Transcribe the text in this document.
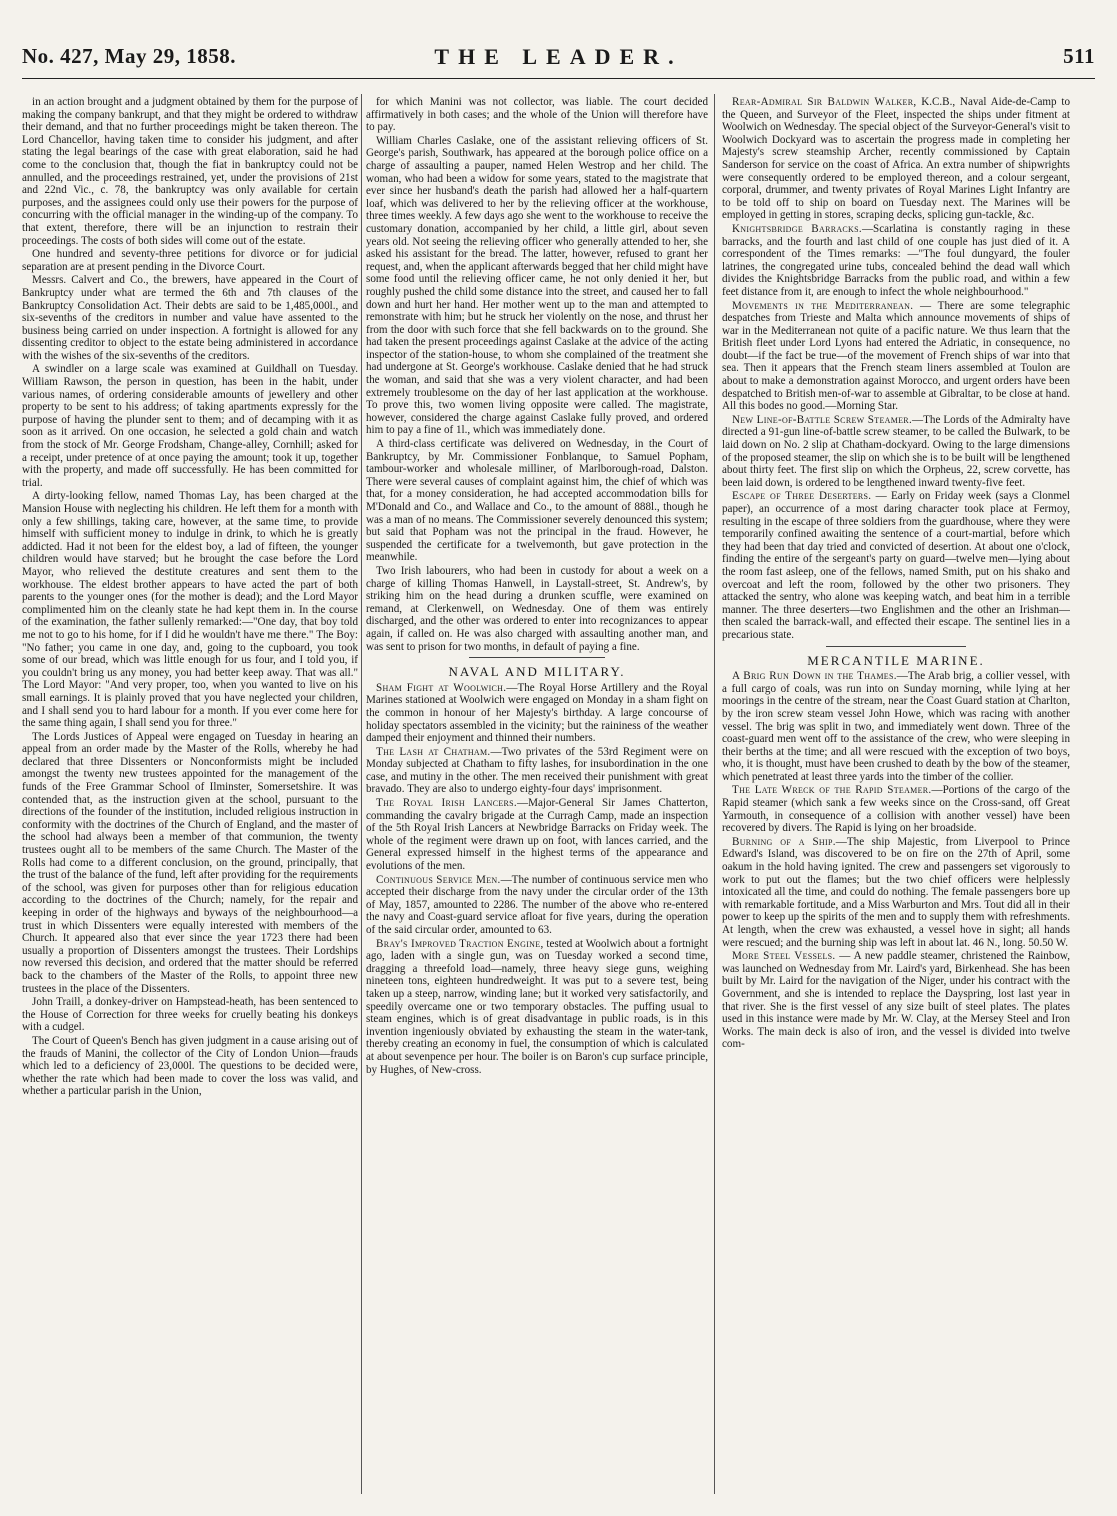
No. 427, May 29, 1858.	THE LEADER.	511

in an action brought and a judgment obtained by them for the purpose of making the company bankrupt, and that they might be ordered to withdraw their demand, and that no further proceedings might be taken thereon. The Lord Chancellor, having taken time to consider his judgment, and after stating the legal bearings of the case with great elaboration, said he had come to the conclusion that, though the fiat in bankruptcy could not be annulled, and the proceedings restrained, yet, under the provisions of 21st and 22nd Vic., c. 78, the bankruptcy was only available for certain purposes, and the assignees could only use their powers for the purpose of concurring with the official manager in the winding-up of the company. To that extent, therefore, there will be an injunction to restrain their proceedings. The costs of both sides will come out of the estate.

One hundred and seventy-three petitions for divorce or for judicial separation are at present pending in the Divorce Court.

Messrs. Calvert and Co., the brewers, have appeared in the Court of Bankruptcy under what are termed the 6th and 7th clauses of the Bankruptcy Consolidation Act. Their debts are said to be 1,485,000l., and six-sevenths of the creditors in number and value have assented to the business being carried on under inspection. A fortnight is allowed for any dissenting creditor to object to the estate being administered in accordance with the wishes of the six-sevenths of the creditors.

A swindler on a large scale was examined at Guildhall on Tuesday. William Rawson, the person in question, has been in the habit, under various names, of ordering considerable amounts of jewellery and other property to be sent to his address; of taking apartments expressly for the purpose of having the plunder sent to them; and of decamping with it as soon as it arrived. On one occasion, he selected a gold chain and watch from the stock of Mr. George Frodsham, Change-alley, Cornhill; asked for a receipt, under pretence of at once paying the amount; took it up, together with the property, and made off successfully. He has been committed for trial.

A dirty-looking fellow, named Thomas Lay, has been charged at the Mansion House with neglecting his children. He left them for a month with only a few shillings, taking care, however, at the same time, to provide himself with sufficient money to indulge in drink, to which he is greatly addicted. Had it not been for the eldest boy, a lad of fifteen, the younger children would have starved; but he brought the case before the Lord Mayor, who relieved the destitute creatures and sent them to the workhouse. The eldest brother appears to have acted the part of both parents to the younger ones (for the mother is dead); and the Lord Mayor complimented him on the cleanly state he had kept them in. In the course of the examination, the father sullenly remarked:—"One day, that boy told me not to go to his home, for if I did he wouldn't have me there." The Boy: "No father; you came in one day, and, going to the cupboard, you took some of our bread, which was little enough for us four, and I told you, if you couldn't bring us any money, you had better keep away. That was all." The Lord Mayor: "And very proper, too, when you wanted to live on his small earnings. It is plainly proved that you have neglected your children, and I shall send you to hard labour for a month. If you ever come here for the same thing again, I shall send you for three."

The Lords Justices of Appeal were engaged on Tuesday in hearing an appeal from an order made by the Master of the Rolls, whereby he had declared that three Dissenters or Nonconformists might be included amongst the twenty new trustees appointed for the management of the funds of the Free Grammar School of Ilminster, Somersetshire. It was contended that, as the instruction given at the school, pursuant to the directions of the founder of the institution, included religious instruction in conformity with the doctrines of the Church of England, and the master of the school had always been a member of that communion, the twenty trustees ought all to be members of the same Church. The Master of the Rolls had come to a different conclusion, on the ground, principally, that the trust of the balance of the fund, left after providing for the requirements of the school, was given for purposes other than for religious education according to the doctrines of the Church; namely, for the repair and keeping in order of the highways and byways of the neighbourhood—a trust in which Dissenters were equally interested with members of the Church. It appeared also that ever since the year 1723 there had been usually a proportion of Dissenters amongst the trustees. Their Lordships now reversed this decision, and ordered that the matter should be referred back to the chambers of the Master of the Rolls, to appoint three new trustees in the place of the Dissenters.

John Traill, a donkey-driver on Hampstead-heath, has been sentenced to the House of Correction for three weeks for cruelly beating his donkeys with a cudgel.

The Court of Queen's Bench has given judgment in a cause arising out of the frauds of Manini, the collector of the City of London Union—frauds which led to a deficiency of 23,000l. The questions to be decided were, whether the rate which had been made to cover the loss was valid, and whether a particular parish in the Union,

for which Manini was not collector, was liable. The court decided affirmatively in both cases; and the whole of the Union will therefore have to pay.

William Charles Caslake, one of the assistant relieving officers of St. George's parish, Southwark, has appeared at the borough police office on a charge of assaulting a pauper, named Helen Westrop and her child. The woman, who had been a widow for some years, stated to the magistrate that ever since her husband's death the parish had allowed her a half-quartern loaf, which was delivered to her by the relieving officer at the workhouse, three times weekly. A few days ago she went to the workhouse to receive the customary donation, accompanied by her child, a little girl, about seven years old. Not seeing the relieving officer who generally attended to her, she asked his assistant for the bread. The latter, however, refused to grant her request, and, when the applicant afterwards begged that her child might have some food until the relieving officer came, he not only denied it her, but roughly pushed the child some distance into the street, and caused her to fall down and hurt her hand. Her mother went up to the man and attempted to remonstrate with him; but he struck her violently on the nose, and thrust her from the door with such force that she fell backwards on to the ground. She had taken the present proceedings against Caslake at the advice of the acting inspector of the station-house, to whom she complained of the treatment she had undergone at St. George's workhouse. Caslake denied that he had struck the woman, and said that she was a very violent character, and had been extremely troublesome on the day of her last application at the workhouse. To prove this, two women living opposite were called. The magistrate, however, considered the charge against Caslake fully proved, and ordered him to pay a fine of 1l., which was immediately done.

A third-class certificate was delivered on Wednesday, in the Court of Bankruptcy, by Mr. Commissioner Fonblanque, to Samuel Popham, tambour-worker and wholesale milliner, of Marlborough-road, Dalston. There were several causes of complaint against him, the chief of which was that, for a money consideration, he had accepted accommodation bills for M'Donald and Co., and Wallace and Co., to the amount of 888l., though he was a man of no means. The Commissioner severely denounced this system; but said that Popham was not the principal in the fraud. However, he suspended the certificate for a twelvemonth, but gave protection in the meanwhile.

Two Irish labourers, who had been in custody for about a week on a charge of killing Thomas Hanwell, in Laystall-street, St. Andrew's, by striking him on the head during a drunken scuffle, were examined on remand, at Clerkenwell, on Wednesday. One of them was entirely discharged, and the other was ordered to enter into recognizances to appear again, if called on. He was also charged with assaulting another man, and was sent to prison for two months, in default of paying a fine.

NAVAL AND MILITARY.

Sham Fight at Woolwich.—The Royal Horse Artillery and the Royal Marines stationed at Woolwich were engaged on Monday in a sham fight on the common in honour of her Majesty's birthday. A large concourse of holiday spectators assembled in the vicinity; but the raininess of the weather damped their enjoyment and thinned their numbers.

The Lash at Chatham.—Two privates of the 53rd Regiment were on Monday subjected at Chatham to fifty lashes, for insubordination in the one case, and mutiny in the other. The men received their punishment with great bravado. They are also to undergo eighty-four days' imprisonment.

The Royal Irish Lancers.—Major-General Sir James Chatterton, commanding the cavalry brigade at the Curragh Camp, made an inspection of the 5th Royal Irish Lancers at Newbridge Barracks on Friday week. The whole of the regiment were drawn up on foot, with lances carried, and the General expressed himself in the highest terms of the appearance and evolutions of the men.

Continuous Service Men.—The number of continuous service men who accepted their discharge from the navy under the circular order of the 13th of May, 1857, amounted to 2286. The number of the above who re-entered the navy and Coast-guard service afloat for five years, during the operation of the said circular order, amounted to 63.

Bray's Improved Traction Engine, tested at Woolwich about a fortnight ago, laden with a single gun, was on Tuesday worked a second time, dragging a threefold load—namely, three heavy siege guns, weighing nineteen tons, eighteen hundredweight. It was put to a severe test, being taken up a steep, narrow, winding lane; but it worked very satisfactorily, and speedily overcame one or two temporary obstacles. The puffing usual to steam engines, which is of great disadvantage in public roads, is in this invention ingeniously obviated by exhausting the steam in the water-tank, thereby creating an economy in fuel, the consumption of which is calculated at about sevenpence per hour. The boiler is on Baron's cup surface principle, by Hughes, of New-cross.

Rear-Admiral Sir Baldwin Walker, K.C.B., Naval Aide-de-Camp to the Queen, and Surveyor of the Fleet, inspected the ships under fitment at Woolwich on Wednesday. The special object of the Surveyor-General's visit to Woolwich Dockyard was to ascertain the progress made in completing her Majesty's screw steamship Archer, recently commissioned by Captain Sanderson for service on the coast of Africa. An extra number of shipwrights were consequently ordered to be employed thereon, and a colour sergeant, corporal, drummer, and twenty privates of Royal Marines Light Infantry are to be told off to ship on board on Tuesday next. The Marines will be employed in getting in stores, scraping decks, splicing gun-tackle, &c.

Knightsbridge Barracks.—Scarlatina is constantly raging in these barracks, and the fourth and last child of one couple has just died of it. A correspondent of the Times remarks: —"The foul dungyard, the fouler latrines, the congregated urine tubs, concealed behind the dead wall which divides the Knightsbridge Barracks from the public road, and within a few feet distance from it, are enough to infect the whole neighbourhood."

Movements in the Mediterranean. — There are some telegraphic despatches from Trieste and Malta which announce movements of ships of war in the Mediterranean not quite of a pacific nature. We thus learn that the British fleet under Lord Lyons had entered the Adriatic, in consequence, no doubt—if the fact be true—of the movement of French ships of war into that sea. Then it appears that the French steam liners assembled at Toulon are about to make a demonstration against Morocco, and urgent orders have been despatched to British men-of-war to assemble at Gibraltar, to be close at hand. All this bodes no good.—Morning Star.

New Line-of-Battle Screw Steamer.—The Lords of the Admiralty have directed a 91-gun line-of-battle screw steamer, to be called the Bulwark, to be laid down on No. 2 slip at Chatham-dockyard. Owing to the large dimensions of the proposed steamer, the slip on which she is to be built will be lengthened about thirty feet. The first slip on which the Orpheus, 22, screw corvette, has been laid down, is ordered to be lengthened inward twenty-five feet.

Escape of Three Deserters. — Early on Friday week (says a Clonmel paper), an occurrence of a most daring character took place at Fermoy, resulting in the escape of three soldiers from the guardhouse, where they were temporarily confined awaiting the sentence of a court-martial, before which they had been that day tried and convicted of desertion. At about one o'clock, finding the entire of the sergeant's party on guard—twelve men—lying about the room fast asleep, one of the fellows, named Smith, put on his shako and overcoat and left the room, followed by the other two prisoners. They attacked the sentry, who alone was keeping watch, and beat him in a terrible manner. The three deserters—two Englishmen and the other an Irishman—then scaled the barrack-wall, and effected their escape. The sentinel lies in a precarious state.

MERCANTILE MARINE.

A Brig Run Down in the Thames.—The Arab brig, a collier vessel, with a full cargo of coals, was run into on Sunday morning, while lying at her moorings in the centre of the stream, near the Coast Guard station at Charlton, by the iron screw steam vessel John Howe, which was racing with another vessel. The brig was split in two, and immediately went down. Three of the coast-guard men went off to the assistance of the crew, who were sleeping in their berths at the time; and all were rescued with the exception of two boys, who, it is thought, must have been crushed to death by the bow of the steamer, which penetrated at least three yards into the timber of the collier.

The Late Wreck of the Rapid Steamer.—Portions of the cargo of the Rapid steamer (which sank a few weeks since on the Cross-sand, off Great Yarmouth, in consequence of a collision with another vessel) have been recovered by divers. The Rapid is lying on her broadside.

Burning of a Ship.—The ship Majestic, from Liverpool to Prince Edward's Island, was discovered to be on fire on the 27th of April, some oakum in the hold having ignited. The crew and passengers set vigorously to work to put out the flames; but the two chief officers were helplessly intoxicated all the time, and could do nothing. The female passengers bore up with remarkable fortitude, and a Miss Warburton and Mrs. Tout did all in their power to keep up the spirits of the men and to supply them with refreshments. At length, when the crew was exhausted, a vessel hove in sight; all hands were rescued; and the burning ship was left in about lat. 46 N., long. 50.50 W.

More Steel Vessels. — A new paddle steamer, christened the Rainbow, was launched on Wednesday from Mr. Laird's yard, Birkenhead. She has been built by Mr. Laird for the navigation of the Niger, under his contract with the Government, and she is intended to replace the Dayspring, lost last year in that river. She is the first vessel of any size built of steel plates. The plates used in this instance were made by Mr. W. Clay, at the Mersey Steel and Iron Works. The main deck is also of iron, and the vessel is divided into twelve com-
